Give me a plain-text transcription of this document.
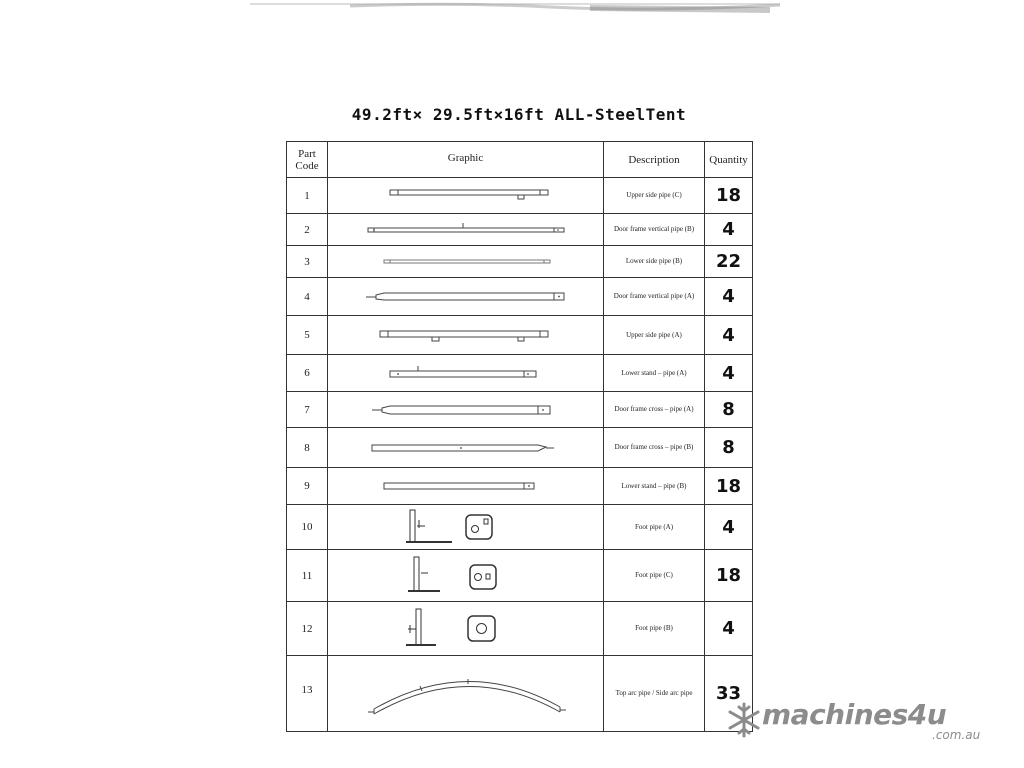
49.2ft× 29.5ft×16ft ALL-SteelTent
Part Code	Graphic	Description	Quantity
1		Upper side pipe (C)	18
2		Door frame vertical pipe (B)	4
3		Lower side pipe (B)	22
4		Door frame vertical pipe (A)	4
5		Upper side pipe (A)	4
6		Lower stand – pipe (A)	4
7		Door frame cross – pipe (A)	8
8		Door frame cross – pipe (B)	8
9		Lower stand – pipe (B)	18
10		Foot pipe (A)	4
11		Foot pipe (C)	18
12		Foot pipe (B)	4
13		Top arc pipe / Side arc pipe	33
machines4u
.com.au
